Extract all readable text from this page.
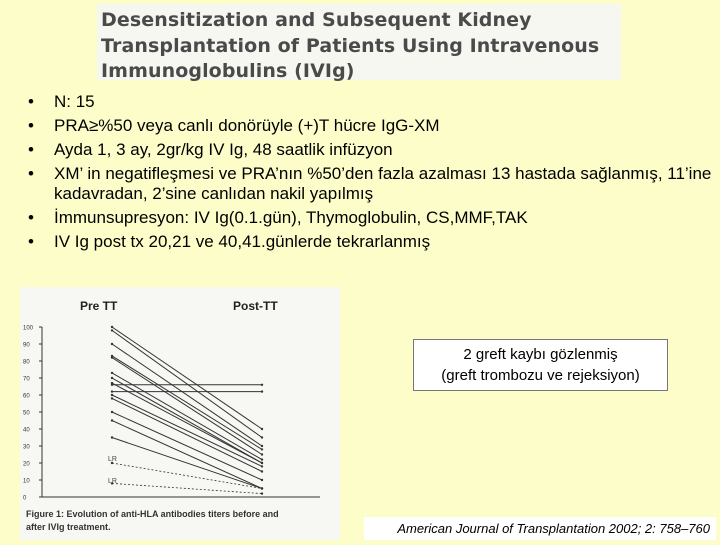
Desensitization and Subsequent Kidney
Transplantation of Patients Using Intravenous
Immunoglobulins (IVIg)
• N: 15
• PRA≥%50 veya canlı donörüyle (+)T hücre IgG-XM
• Ayda 1, 3 ay, 2gr/kg IV Ig, 48 saatlik infüzyon
• XM’ in negatifleşmesi ve PRA’nın %50’den fazla azalması 13 hastada sağlanmış, 11’ine kadavradan, 2’sine canlıdan nakil yapılmış
• İmmunsupresyon: IV Ig(0.1.gün), Thymoglobulin, CS,MMF,TAK
• IV Ig post tx 20,21 ve 40,41.günlerde tekrarlanmış
Pre TT	Post-TT
100
90
80
70
60
50
40
30
20
10
0
LR
LR
Figure 1: Evolution of anti-HLA antibodies titers before and
after IVIg treatment.
2 greft kaybı gözlenmiş
(greft trombozu ve rejeksiyon)
American Journal of Transplantation 2002; 2: 758–760
